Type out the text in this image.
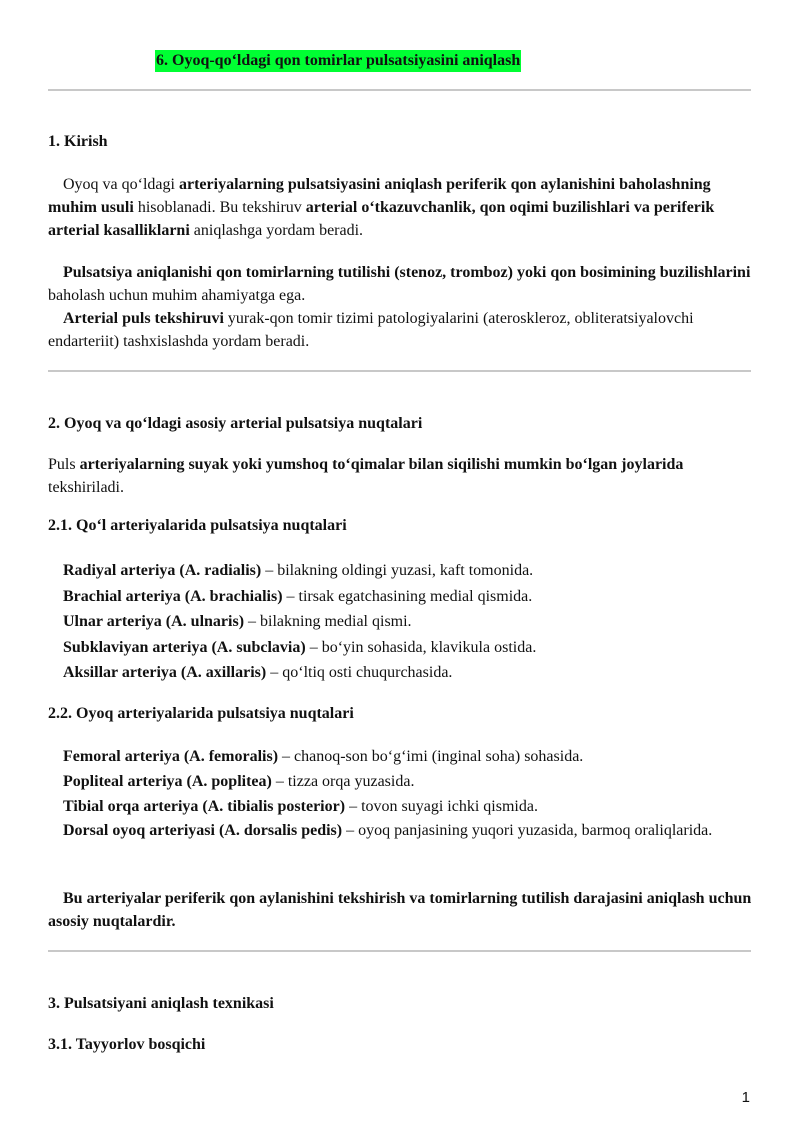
6. Oyoq-qo‘ldagi qon tomirlar pulsatsiyasini aniqlash
1. Kirish

Oyoq va qo‘ldagi arteriyalarning pulsatsiyasini aniqlash periferik qon aylanishini baholashning muhim usuli hisoblanadi. Bu tekshiruv arterial o‘tkazuvchanlik, qon oqimi buzilishlari va periferik arterial kasalliklarni aniqlashga yordam beradi.

Pulsatsiya aniqlanishi qon tomirlarning tutilishi (stenoz, tromboz) yoki qon bosimining buzilishlarini baholash uchun muhim ahamiyatga ega.

Arterial puls tekshiruvi yurak-qon tomir tizimi patologiyalarini (ateroskleroz, obliteratsiyalovchi endarteriit) tashxislashda yordam beradi.

2. Oyoq va qo‘ldagi asosiy arterial pulsatsiya nuqtalari

Puls arteriyalarning suyak yoki yumshoq to‘qimalar bilan siqilishi mumkin bo‘lgan joylarida tekshiriladi.

2.1. Qo‘l arteriyalarida pulsatsiya nuqtalari

Radiyal arteriya (A. radialis) – bilakning oldingi yuzasi, kaft tomonida.

Brachial arteriya (A. brachialis) – tirsak egatchasining medial qismida.

Ulnar arteriya (A. ulnaris) – bilakning medial qismi.

Subklaviyan arteriya (A. subclavia) – bo‘yin sohasida, klavikula ostida.

Aksillar arteriya (A. axillaris) – qo‘ltiq osti chuqurchasida.

2.2. Oyoq arteriyalarida pulsatsiya nuqtalari

Femoral arteriya (A. femoralis) – chanoq-son bo‘g‘imi (inginal soha) sohasida.

Popliteal arteriya (A. poplitea) – tizza orqa yuzasida.

Tibial orqa arteriya (A. tibialis posterior) – tovon suyagi ichki qismida.

Dorsal oyoq arteriyasi (A. dorsalis pedis) – oyoq panjasining yuqori yuzasida, barmoq oraliqlarida.

Bu arteriyalar periferik qon aylanishini tekshirish va tomirlarning tutilish darajasini aniqlash uchun asosiy nuqtalardir.

3. Pulsatsiyani aniqlash texnikasi
3.1. Tayyorlov bosqichi
1
